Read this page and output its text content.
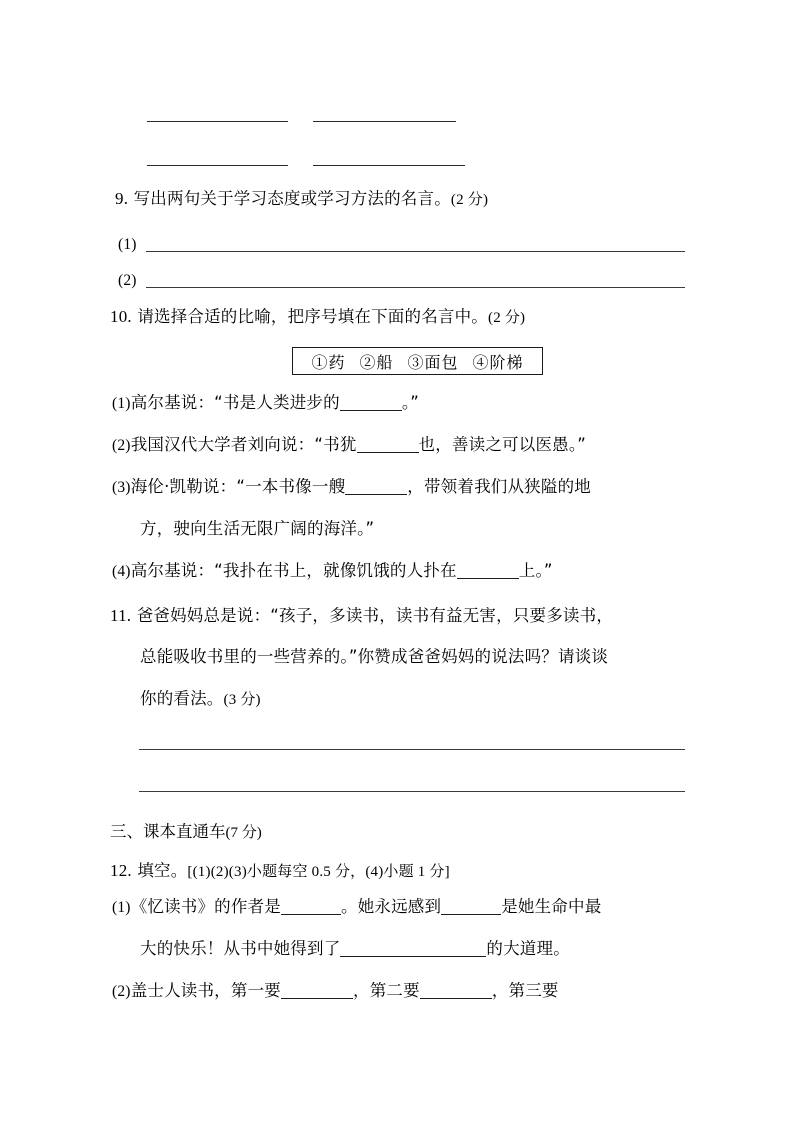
9. 写出两句关于学习态度或学习方法的名言。(2 分)
(1)
(2)
10. 请选择合适的比喻，把序号填在下面的名言中。(2 分)
①药 ②船 ③面包 ④阶梯
(1)高尔基说：“书是人类进步的	。”
(2)我国汉代大学者刘向说：“书犹	也，善读之可以医愚。”
(3)海伦·凯勒说：“一本书像一艘	，带领着我们从狭隘的地
方，驶向生活无限广阔的海洋。”
(4)高尔基说：“我扑在书上，就像饥饿的人扑在	上。”
11. 爸爸妈妈总是说：“孩子，多读书，读书有益无害，只要多读书，
总能吸收书里的一些营养的。”你赞成爸爸妈妈的说法吗？请谈谈
你的看法。(3 分)
三、课本直通车(7 分)
12. 填空。[(1)(2)(3)小题每空 0.5 分，(4)小题 1 分]
(1)《忆读书》的作者是	。她永远感到	是她生命中最
大的快乐！从书中她得到了	的大道理。
(2)盖士人读书，第一要	，第二要	，第三要
